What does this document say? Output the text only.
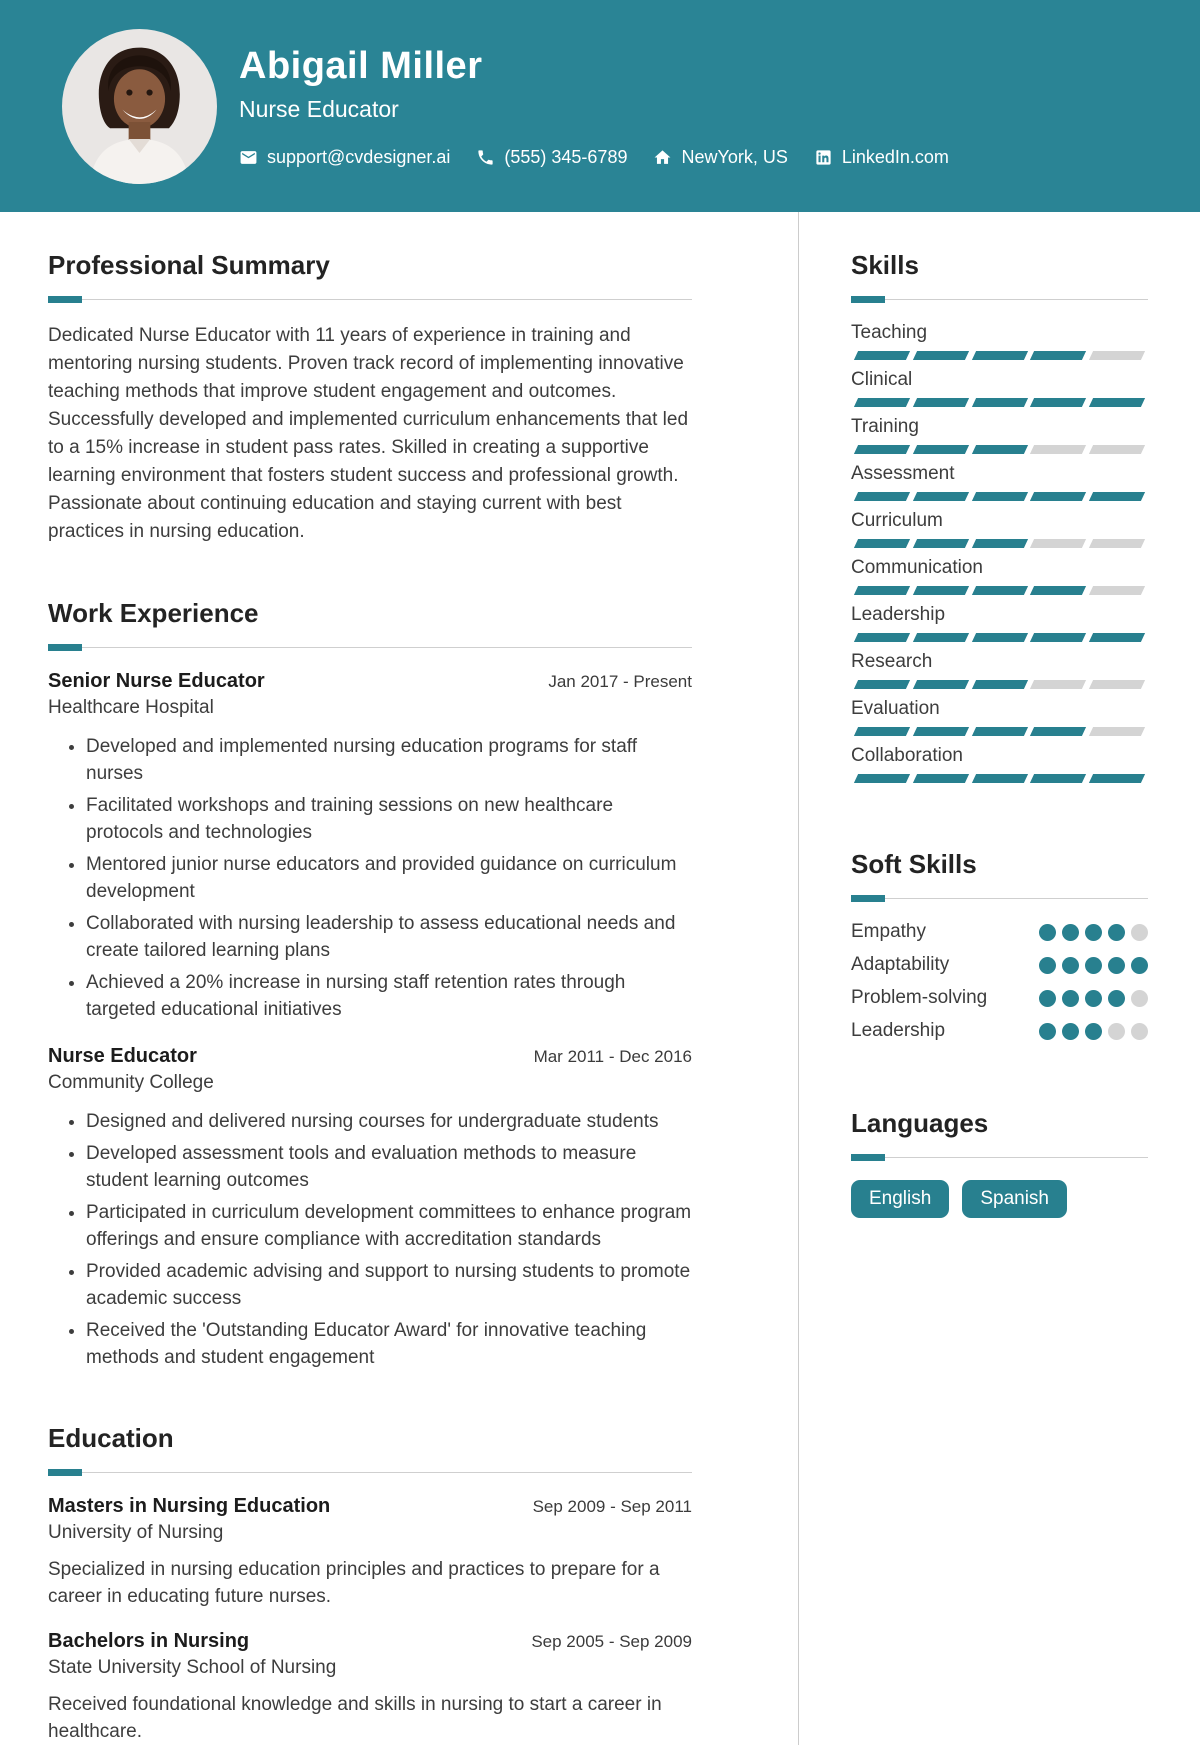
Abigail Miller
Nurse Educator
support@cvdesigner.ai	(555) 345-6789	NewYork, US	LinkedIn.com
Professional Summary

Dedicated Nurse Educator with 11 years of experience in training and mentoring nursing students. Proven track record of implementing innovative teaching methods that improve student engagement and outcomes. Successfully developed and implemented curriculum enhancements that led to a 15% increase in student pass rates. Skilled in creating a supportive learning environment that fosters student success and professional growth. Passionate about continuing education and staying current with best practices in nursing education.

Work Experience
Senior Nurse Educator	Jan 2017 - Present
Healthcare Hospital
• Developed and implemented nursing education programs for staff nurses
• Facilitated workshops and training sessions on new healthcare protocols and technologies
• Mentored junior nurse educators and provided guidance on curriculum development
• Collaborated with nursing leadership to assess educational needs and create tailored learning plans
• Achieved a 20% increase in nursing staff retention rates through targeted educational initiatives
Nurse Educator	Mar 2011 - Dec 2016
Community College
• Designed and delivered nursing courses for undergraduate students
• Developed assessment tools and evaluation methods to measure student learning outcomes
• Participated in curriculum development committees to enhance program offerings and ensure compliance with accreditation standards
• Provided academic advising and support to nursing students to promote academic success
• Received the 'Outstanding Educator Award' for innovative teaching methods and student engagement
Education
Masters in Nursing Education	Sep 2009 - Sep 2011
University of Nursing

Specialized in nursing education principles and practices to prepare for a career in educating future nurses.

Bachelors in Nursing	Sep 2005 - Sep 2009
State University School of Nursing

Received foundational knowledge and skills in nursing to start a career in healthcare.

Skills
Teaching
Clinical
Training
Assessment
Curriculum
Communication
Leadership
Research
Evaluation
Collaboration
Soft Skills
Empathy
Adaptability
Problem-solving
Leadership
Languages
English	Spanish
